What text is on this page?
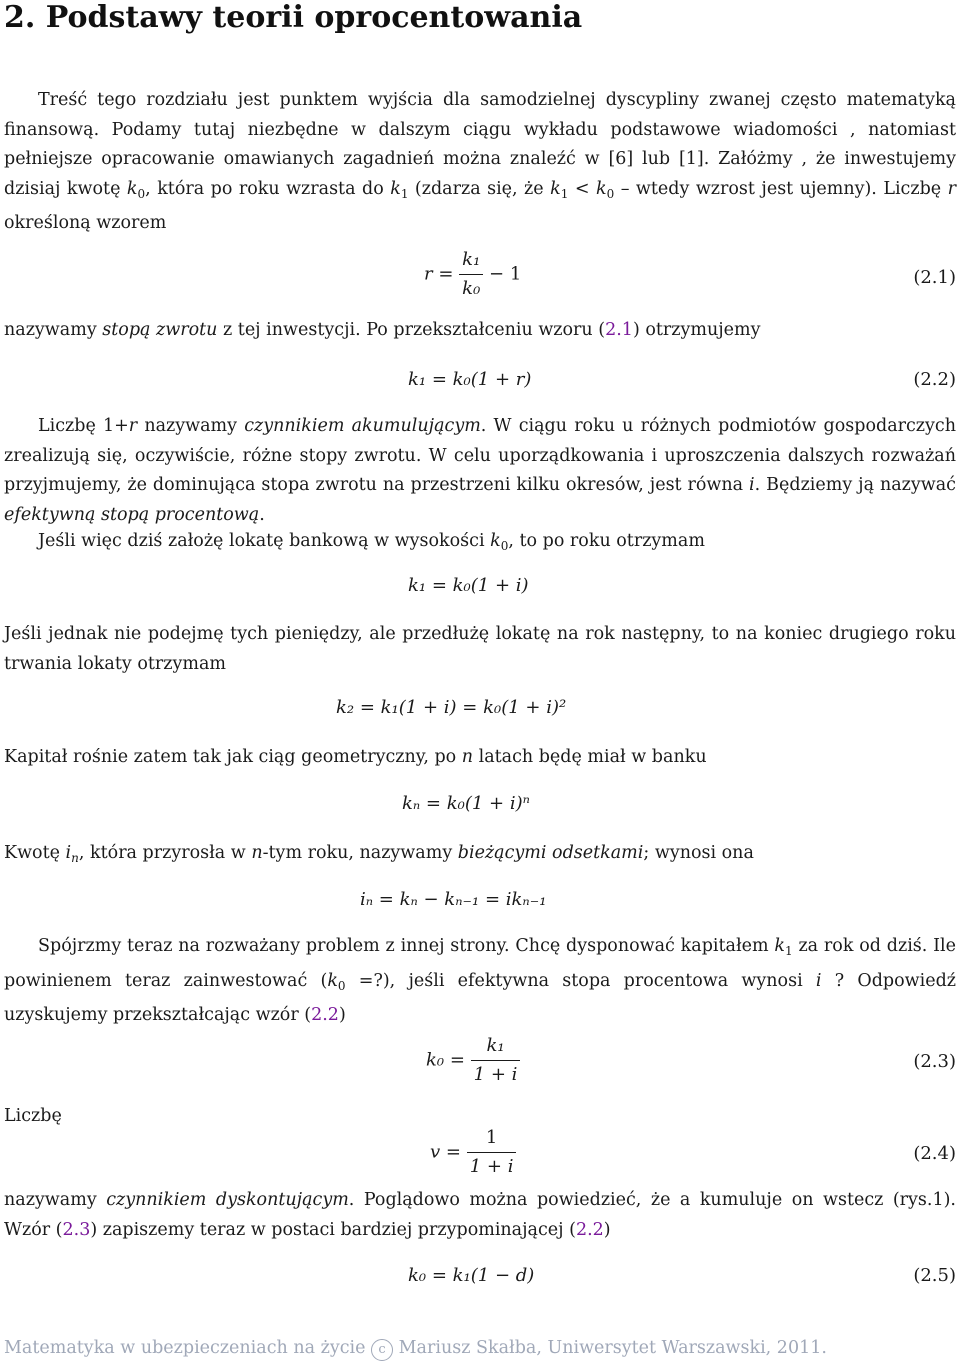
2. Podstawy teorii oprocentowania

Treść tego rozdziału jest punktem wyjścia dla samodzielnej dyscypliny zwanej często matematyką finansową. Podamy tutaj niezbędne w dalszym ciągu wykładu podstawowe wiadomości , natomiast pełniejsze opracowanie omawianych zagadnień można znaleźć w [6] lub [1]. Załóżmy , że inwestujemy dzisiaj kwotę $k_0$, która po roku wzrasta do $k_1$ (zdarza się, że $k_1 < k_0$ – wtedy wzrost jest ujemny). Liczbę r określoną wzorem

$r = \frac{\text{k₁}}{\text{k₀}} - 1$	(2.1)

nazywamy stopą zwrotu z tej inwestycji. Po przekształceniu wzoru (2.1) otrzymujemy

k₁ = k₀(1 + r)	(2.2)

Liczbę 1+r nazywamy czynnikiem akumulującym. W ciągu roku u różnych podmiotów gospodarczych zrealizują się, oczywiście, różne stopy zwrotu. W celu uporządkowania i uproszczenia dalszych rozważań przyjmujemy, że dominująca stopa zwrotu na przestrzeni kilku okresów, jest równa i. Będziemy ją nazywać efektywną stopą procentową.

Jeśli więc dziś założę lokatę bankową w wysokości $k_0$, to po roku otrzymam

k₁ = k₀(1 + i)

Jeśli jednak nie podejmę tych pieniędzy, ale przedłużę lokatę na rok następny, to na koniec drugiego roku trwania lokaty otrzymam

k₂ = k₁(1 + i) = k₀(1 + i)²

Kapitał rośnie zatem tak jak ciąg geometryczny, po n latach będę miał w banku

kₙ = k₀(1 + i)ⁿ

Kwotę $i_n$, która przyrosła w n-tym roku, nazywamy bieżącymi odsetkami; wynosi ona

iₙ = kₙ − kₙ₋₁ = ikₙ₋₁

Spójrzmy teraz na rozważany problem z innej strony. Chcę dysponować kapitałem $k_1$ za rok od dziś. Ile powinienem teraz zainwestować ($k_0$ =?), jeśli efektywna stopa procentowa wynosi i ? Odpowiedź uzyskujemy przekształcając wzór (2.2)

$k_0 = \frac{\text{k₁}}{1 + i}$	(2.3)

Liczbę

$v = \frac{1}{1 + i}$	(2.4)

nazywamy czynnikiem dyskontującym. Poglądowo można powiedzieć, że a kumuluje on wstecz (rys.1). Wzór (2.3) zapiszemy teraz w postaci bardziej przypominającej (2.2)

k₀ = k₁(1 − d)	(2.5)

Matematyka w ubezpieczeniach na życie c Mariusz Skałba, Uniwersytet Warszawski, 2011.
